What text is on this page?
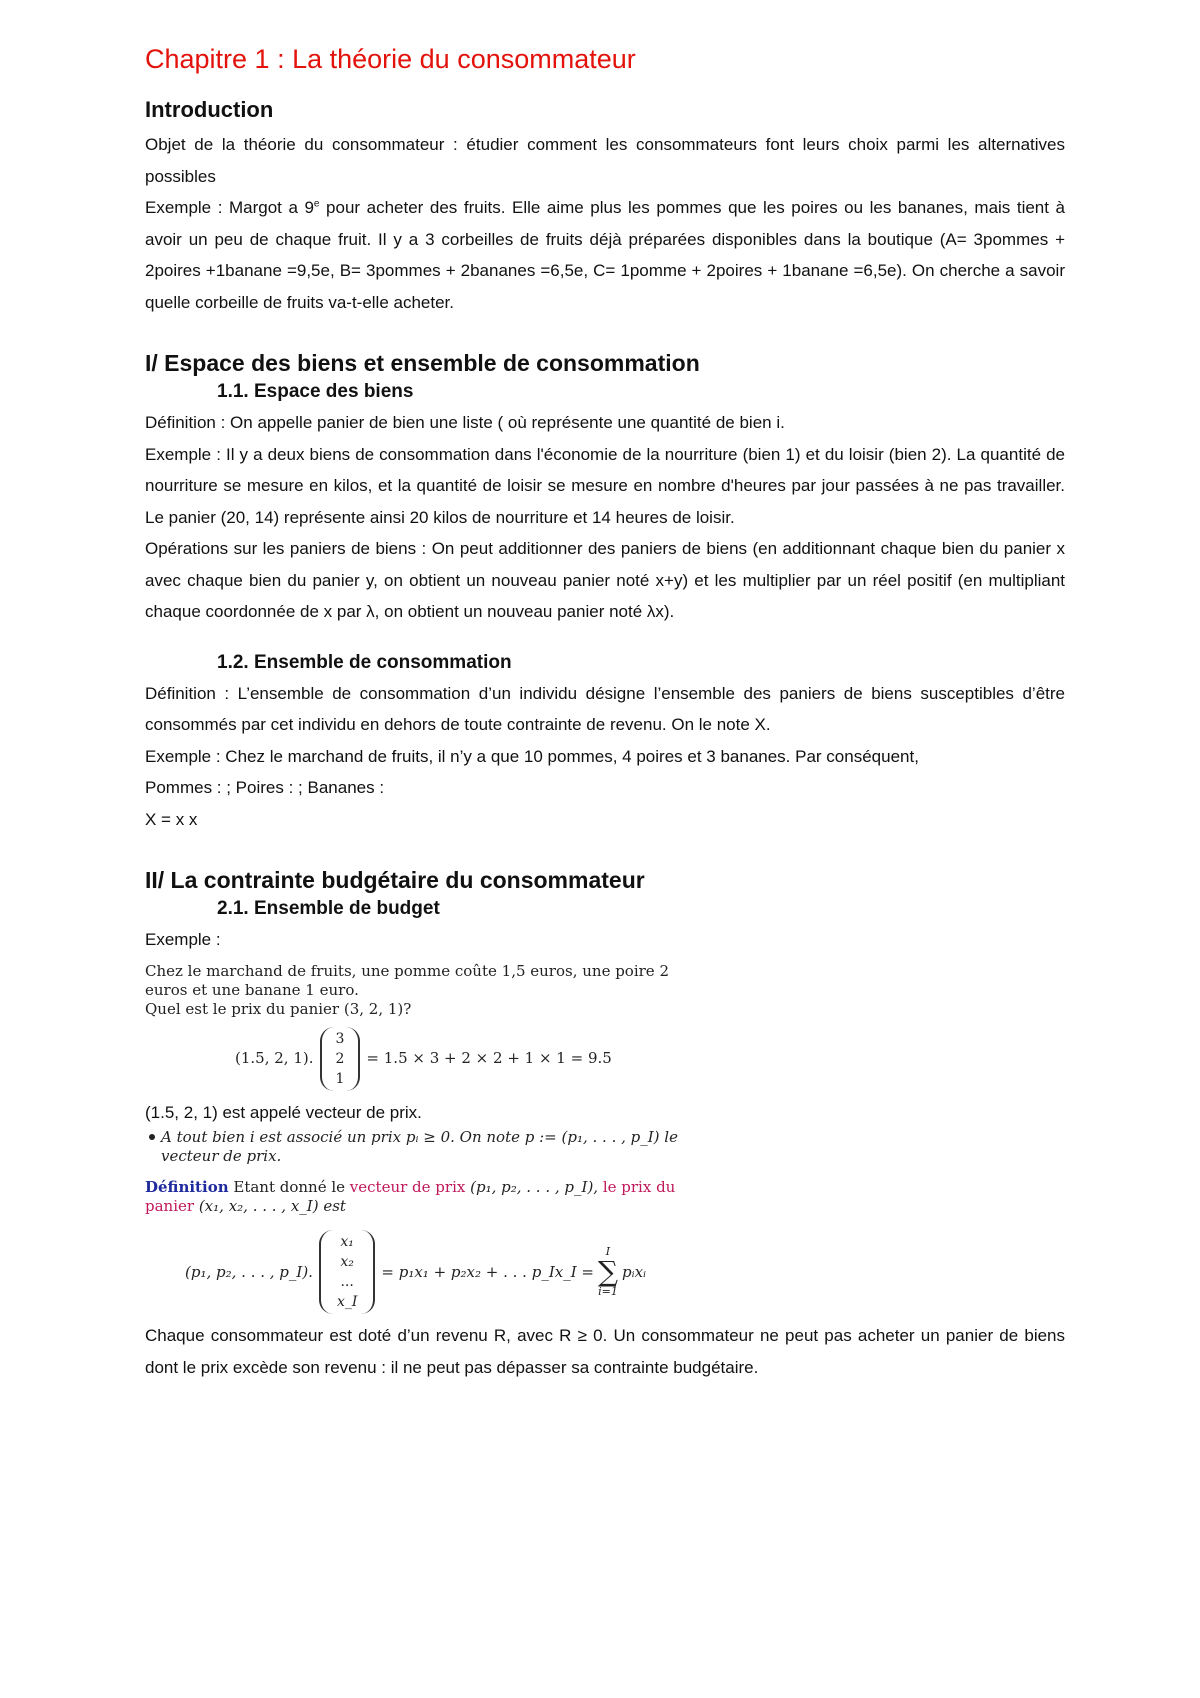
Chapitre 1 : La théorie du consommateur

Introduction

Objet de la théorie du consommateur : étudier comment les consommateurs font leurs choix parmi les alternatives possibles

Exemple : Margot a 9e pour acheter des fruits. Elle aime plus les pommes que les poires ou les bananes, mais tient à avoir un peu de chaque fruit. Il y a 3 corbeilles de fruits déjà préparées disponibles dans la boutique (A= 3pommes + 2poires +1banane =9,5e, B= 3pommes + 2bananes =6,5e, C= 1pomme + 2poires + 1banane =6,5e). On cherche a savoir quelle corbeille de fruits va-t-elle acheter.

I/ Espace des biens et ensemble de consommation

1.1. Espace des biens

Définition : On appelle panier de bien une liste ( où représente une quantité de bien i.

Exemple : Il y a deux biens de consommation dans l'économie de la nourriture (bien 1) et du loisir (bien 2). La quantité de nourriture se mesure en kilos, et la quantité de loisir se mesure en nombre d'heures par jour passées à ne pas travailler. Le panier (20, 14) représente ainsi 20 kilos de nourriture et 14 heures de loisir.

Opérations sur les paniers de biens : On peut additionner des paniers de biens (en additionnant chaque bien du panier x avec chaque bien du panier y, on obtient un nouveau panier noté x+y) et les multiplier par un réel positif (en multipliant chaque coordonnée de x par λ, on obtient un nouveau panier noté λx).

1.2. Ensemble de consommation

Définition : L’ensemble de consommation d’un individu désigne l’ensemble des paniers de biens susceptibles d’être consommés par cet individu en dehors de toute contrainte de revenu. On le note X.

Exemple : Chez le marchand de fruits, il n’y a que 10 pommes, 4 poires et 3 bananes. Par conséquent,

Pommes : ; Poires : ; Bananes :

X = x x

II/ La contrainte budgétaire du consommateur

2.1. Ensemble de budget

Exemple :

Chez le marchand de fruits, une pomme coûte 1,5 euros, une poire 2
euros et une banane 1 euro.
Quel est le prix du panier (3, 2, 1)?
(1.5, 2, 1).
3
2
1
= 1.5 × 3 + 2 × 2 + 1 × 1 = 9.5

(1.5, 2, 1) est appelé vecteur de prix.

A tout bien i est associé un prix pᵢ ≥ 0. On note p := (p₁, . . . , p_I) le
vecteur de prix.
Définition Etant donné le vecteur de prix (p₁, p₂, . . . , p_I), le prix du
panier (x₁, x₂, . . . , x_I) est
(p₁, p₂, . . . , p_I).
x₁
x₂
...
x_I
= p₁x₁ + p₂x₂ + . . . p_Ix_I =
I
∑
i=1
pᵢxᵢ

Chaque consommateur est doté d’un revenu R, avec R ≥ 0. Un consommateur ne peut pas acheter un panier de biens dont le prix excède son revenu : il ne peut pas dépasser sa contrainte budgétaire.
